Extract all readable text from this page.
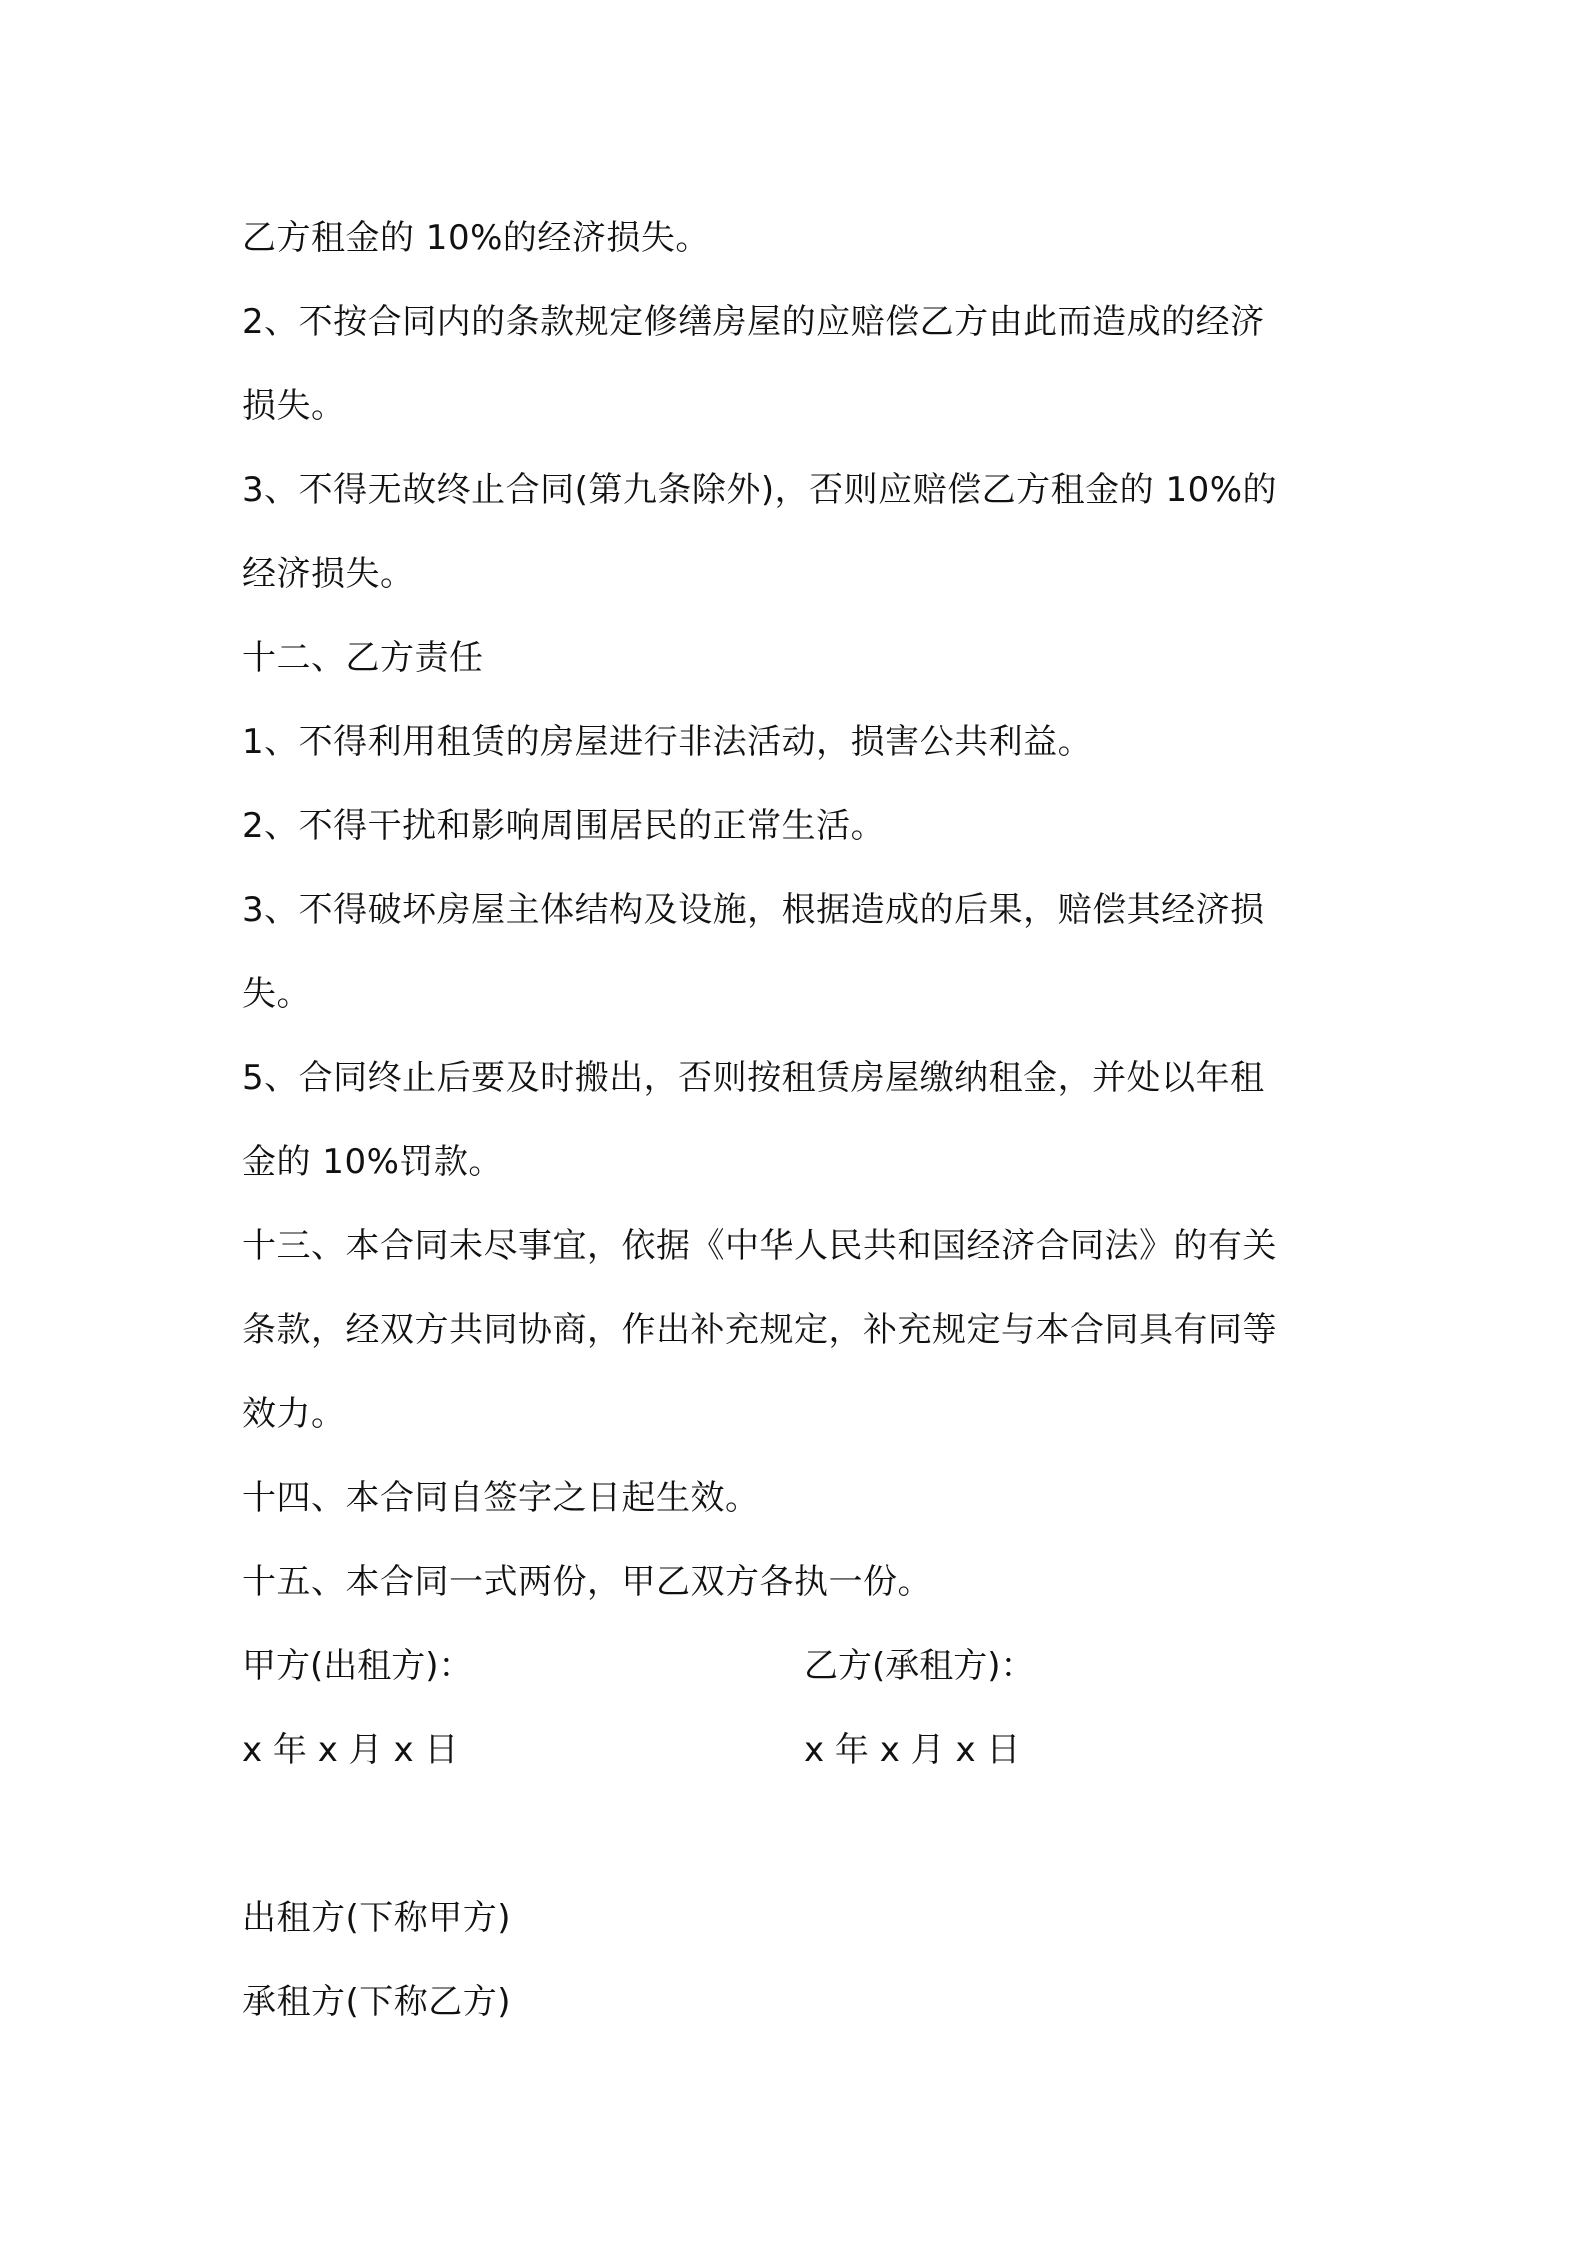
乙方租金的 10%的经济损失。
2、不按合同内的条款规定修缮房屋的应赔偿乙方由此而造成的经济
损失。
3、不得无故终止合同(第九条除外)，否则应赔偿乙方租金的 10%的
经济损失。
十二、乙方责任
1、不得利用租赁的房屋进行非法活动，损害公共利益。
2、不得干扰和影响周围居民的正常生活。
3、不得破坏房屋主体结构及设施，根据造成的后果，赔偿其经济损
失。
5、合同终止后要及时搬出，否则按租赁房屋缴纳租金，并处以年租
金的 10%罚款。
十三、本合同未尽事宜，依据《中华人民共和国经济合同法》的有关
条款，经双方共同协商，作出补充规定，补充规定与本合同具有同等
效力。
十四、本合同自签字之日起生效。
十五、本合同一式两份，甲乙双方各执一份。
甲方(出租方)：	乙方(承租方)：
x 年 x 月 x 日	x 年 x 月 x 日
出租方(下称甲方)
承租方(下称乙方)
